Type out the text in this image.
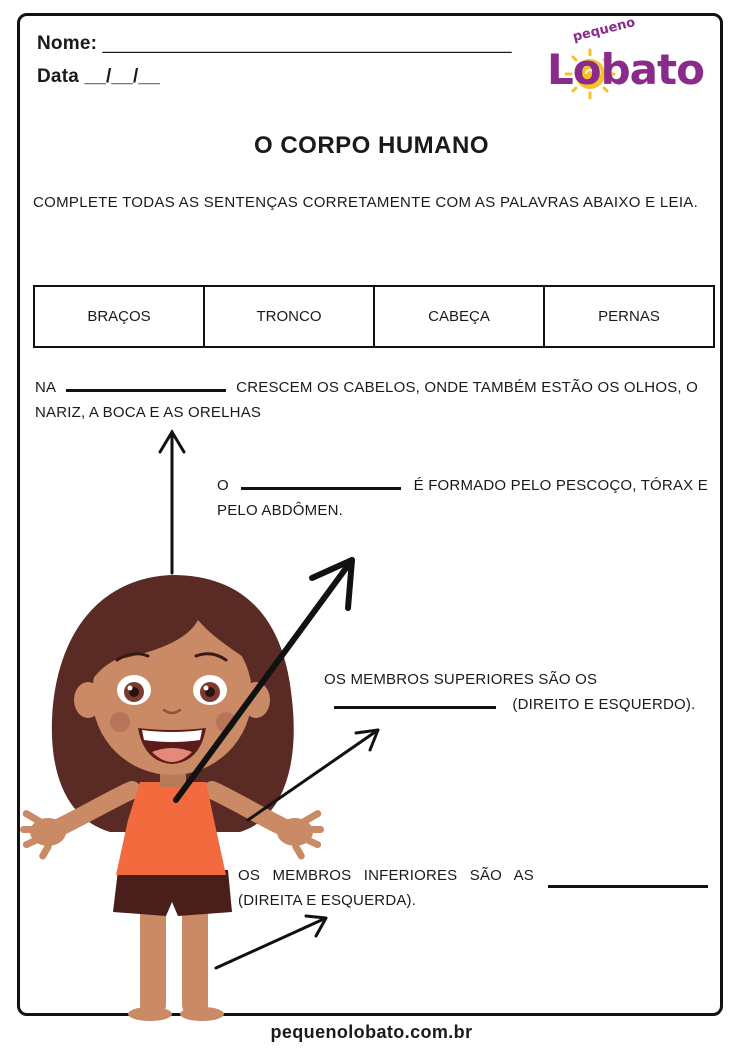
Nome: ______________________________________
Data __/__/__
pequeno
Lobato
O CORPO HUMANO
COMPLETE TODAS AS SENTENÇAS CORRETAMENTE COM AS PALAVRAS ABAIXO E LEIA.
BRAÇOS	TRONCO	CABEÇA	PERNAS
NA	CRESCEM OS CABELOS, ONDE TAMBÉM ESTÃO OS OLHOS, O NARIZ, A BOCA E AS ORELHAS
O	É FORMADO PELO PESCOÇO, TÓRAX E PELO ABDÔMEN.
OS MEMBROS SUPERIORES SÃO OS
(DIREITO E ESQUERDO).
OS MEMBROS INFERIORES SÃO AS
(DIREITA E ESQUERDA).
pequenolobato.com.br
